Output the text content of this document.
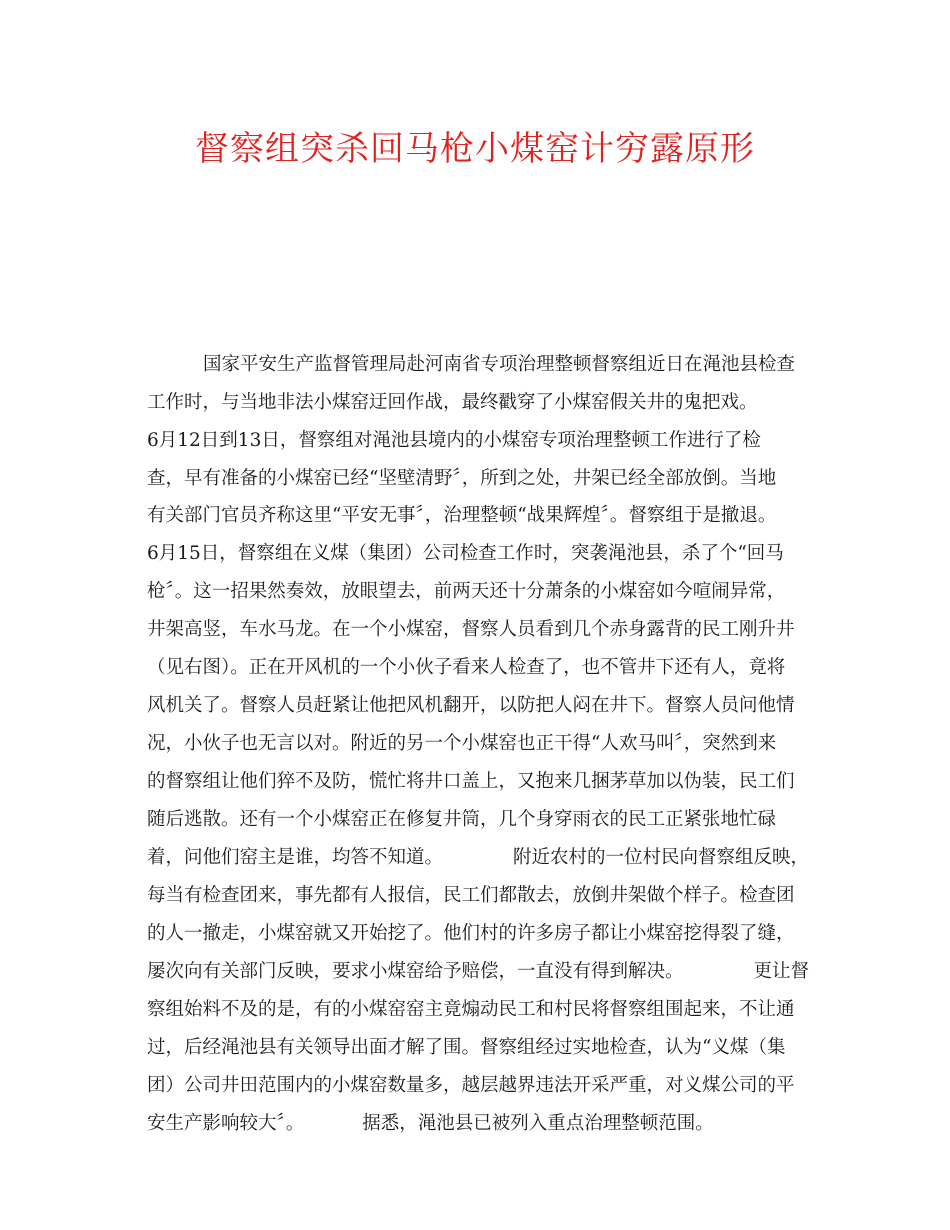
督察组突杀回马枪小煤窑计穷露原形

国家平安生产监督管理局赴河南省专项治理整顿督察组近日在渑池县检查

工作时，与当地非法小煤窑迂回作战，最终戳穿了小煤窑假关井的鬼把戏。

6月12日到13日，督察组对渑池县境内的小煤窑专项治理整顿工作进行了检

查，早有准备的小煤窑已经“坚壁清野〞，所到之处，井架已经全部放倒。当地

有关部门官员齐称这里“平安无事〞，治理整顿“战果辉煌〞。督察组于是撤退。

6月15日，督察组在义煤（集团）公司检查工作时，突袭渑池县，杀了个“回马

枪〞。这一招果然奏效，放眼望去，前两天还十分萧条的小煤窑如今喧闹异常，

井架高竖，车水马龙。在一个小煤窑，督察人员看到几个赤身露背的民工刚升井

（见右图）。正在开风机的一个小伙子看来人检查了，也不管井下还有人，竟将

风机关了。督察人员赶紧让他把风机翻开，以防把人闷在井下。督察人员问他情

况，小伙子也无言以对。附近的另一个小煤窑也正干得“人欢马叫〞，突然到来

的督察组让他们猝不及防，慌忙将井口盖上，又抱来几捆茅草加以伪装，民工们

随后逃散。还有一个小煤窑正在修复井筒，几个身穿雨衣的民工正紧张地忙碌

着，问他们窑主是谁，均答不知道。	附近农村的一位村民向督察组反映，

每当有检查团来，事先都有人报信，民工们都散去，放倒井架做个样子。检查团

的人一撤走，小煤窑就又开始挖了。他们村的许多房子都让小煤窑挖得裂了缝，

屡次向有关部门反映，要求小煤窑给予赔偿，一直没有得到解决。	更让督

察组始料不及的是，有的小煤窑窑主竟煽动民工和村民将督察组围起来，不让通

过，后经渑池县有关领导出面才解了围。督察组经过实地检查，认为“义煤（集

团）公司井田范围内的小煤窑数量多，越层越界违法开采严重，对义煤公司的平

安生产影响较大〞。	据悉，渑池县已被列入重点治理整顿范围。
